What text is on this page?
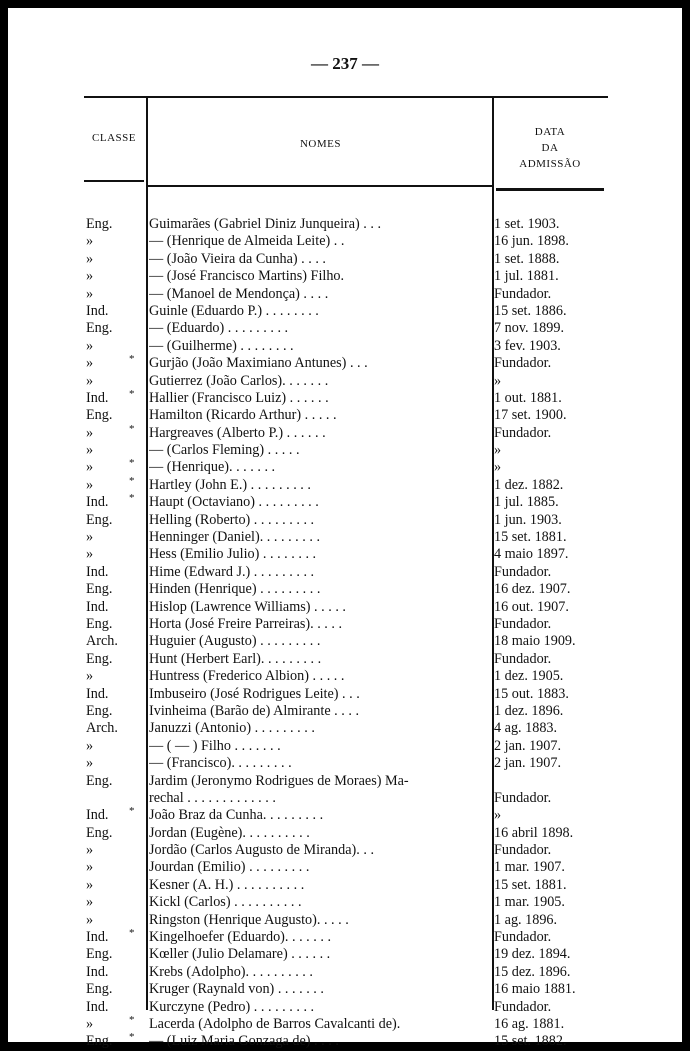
— 237 —
CLASSE	NOMES
DATA
DA
ADMISSÃO
Eng.	Guimarães (Gabriel Diniz Junqueira) . . .	1 set. 1903.
»	— (Henrique de Almeida Leite) . .	16 jun. 1898.
»	— (João Vieira da Cunha) . . . .	1 set. 1888.
»	— (José Francisco Martins) Filho.	1 jul. 1881.
»	— (Manoel de Mendonça) . . . .	Fundador.
Ind.	Guinle (Eduardo P.) . . . . . . . .	15 set. 1886.
Eng.	— (Eduardo) . . . . . . . . .	7 nov. 1899.
»	— (Guilherme) . . . . . . . .	3 fev. 1903.
»	* Gurjão (João Maximiano Antunes) . . .	Fundador.
»	Gutierrez (João Carlos). . . . . . .	»
Ind.	* Hallier (Francisco Luiz) . . . . . .	1 out. 1881.
Eng.	Hamilton (Ricardo Arthur) . . . . .	17 set. 1900.
»	* Hargreaves (Alberto P.) . . . . . .	Fundador.
»	— (Carlos Fleming) . . . . .	»
»	* — (Henrique). . . . . . .	»
»	* Hartley (John E.) . . . . . . . . .	1 dez. 1882.
Ind.	* Haupt (Octaviano) . . . . . . . . .	1 jul. 1885.
Eng.	Helling (Roberto) . . . . . . . . .	1 jun. 1903.
»	Henninger (Daniel). . . . . . . . .	15 set. 1881.
»	Hess (Emilio Julio) . . . . . . . .	4 maio 1897.
Ind.	Hime (Edward J.) . . . . . . . . .	Fundador.
Eng.	Hinden (Henrique) . . . . . . . . .	16 dez. 1907.
Ind.	Hislop (Lawrence Williams) . . . . .	16 out. 1907.
Eng.	Horta (José Freire Parreiras). . . . .	Fundador.
Arch.	Huguier (Augusto) . . . . . . . . .	18 maio 1909.
Eng.	Hunt (Herbert Earl). . . . . . . . .	Fundador.
»	Huntress (Frederico Albion) . . . . .	1 dez. 1905.
Ind.	Imbuseiro (José Rodrigues Leite) . . .	15 out. 1883.
Eng.	Ivinheima (Barão de) Almirante . . . .	1 dez. 1896.
Arch.	Januzzi (Antonio) . . . . . . . . .	4 ag. 1883.
»	— ( — ) Filho . . . . . . .	2 jan. 1907.
»	— (Francisco). . . . . . . . .	2 jan. 1907.
Eng.	Jardim (Jeronymo Rodrigues de Moraes) Ma-
rechal . . . . . . . . . . . . .	Fundador.
Ind.	* João Braz da Cunha. . . . . . . . .	»
Eng.	Jordan (Eugène). . . . . . . . . .	16 abril 1898.
»	Jordão (Carlos Augusto de Miranda). . .	Fundador.
»	Jourdan (Emilio) . . . . . . . . .	1 mar. 1907.
»	Kesner (A. H.) . . . . . . . . . .	15 set. 1881.
»	Kickl (Carlos) . . . . . . . . . .	1 mar. 1905.
»	Ringston (Henrique Augusto). . . . .	1 ag. 1896.
Ind.	* Kingelhoefer (Eduardo). . . . . . .	Fundador.
Eng.	Kœller (Julio Delamare) . . . . . .	19 dez. 1894.
Ind.	Krebs (Adolpho). . . . . . . . . .	15 dez. 1896.
Eng.	Kruger (Raynald von) . . . . . . .	16 maio 1881.
Ind.	Kurczyne (Pedro) . . . . . . . . .	Fundador.
»	* Lacerda (Adolpho de Barros Cavalcanti de).	16 ag. 1881.
Eng.	* — (Luiz Maria Gonzaga de) . . . .	15 set. 1882.
